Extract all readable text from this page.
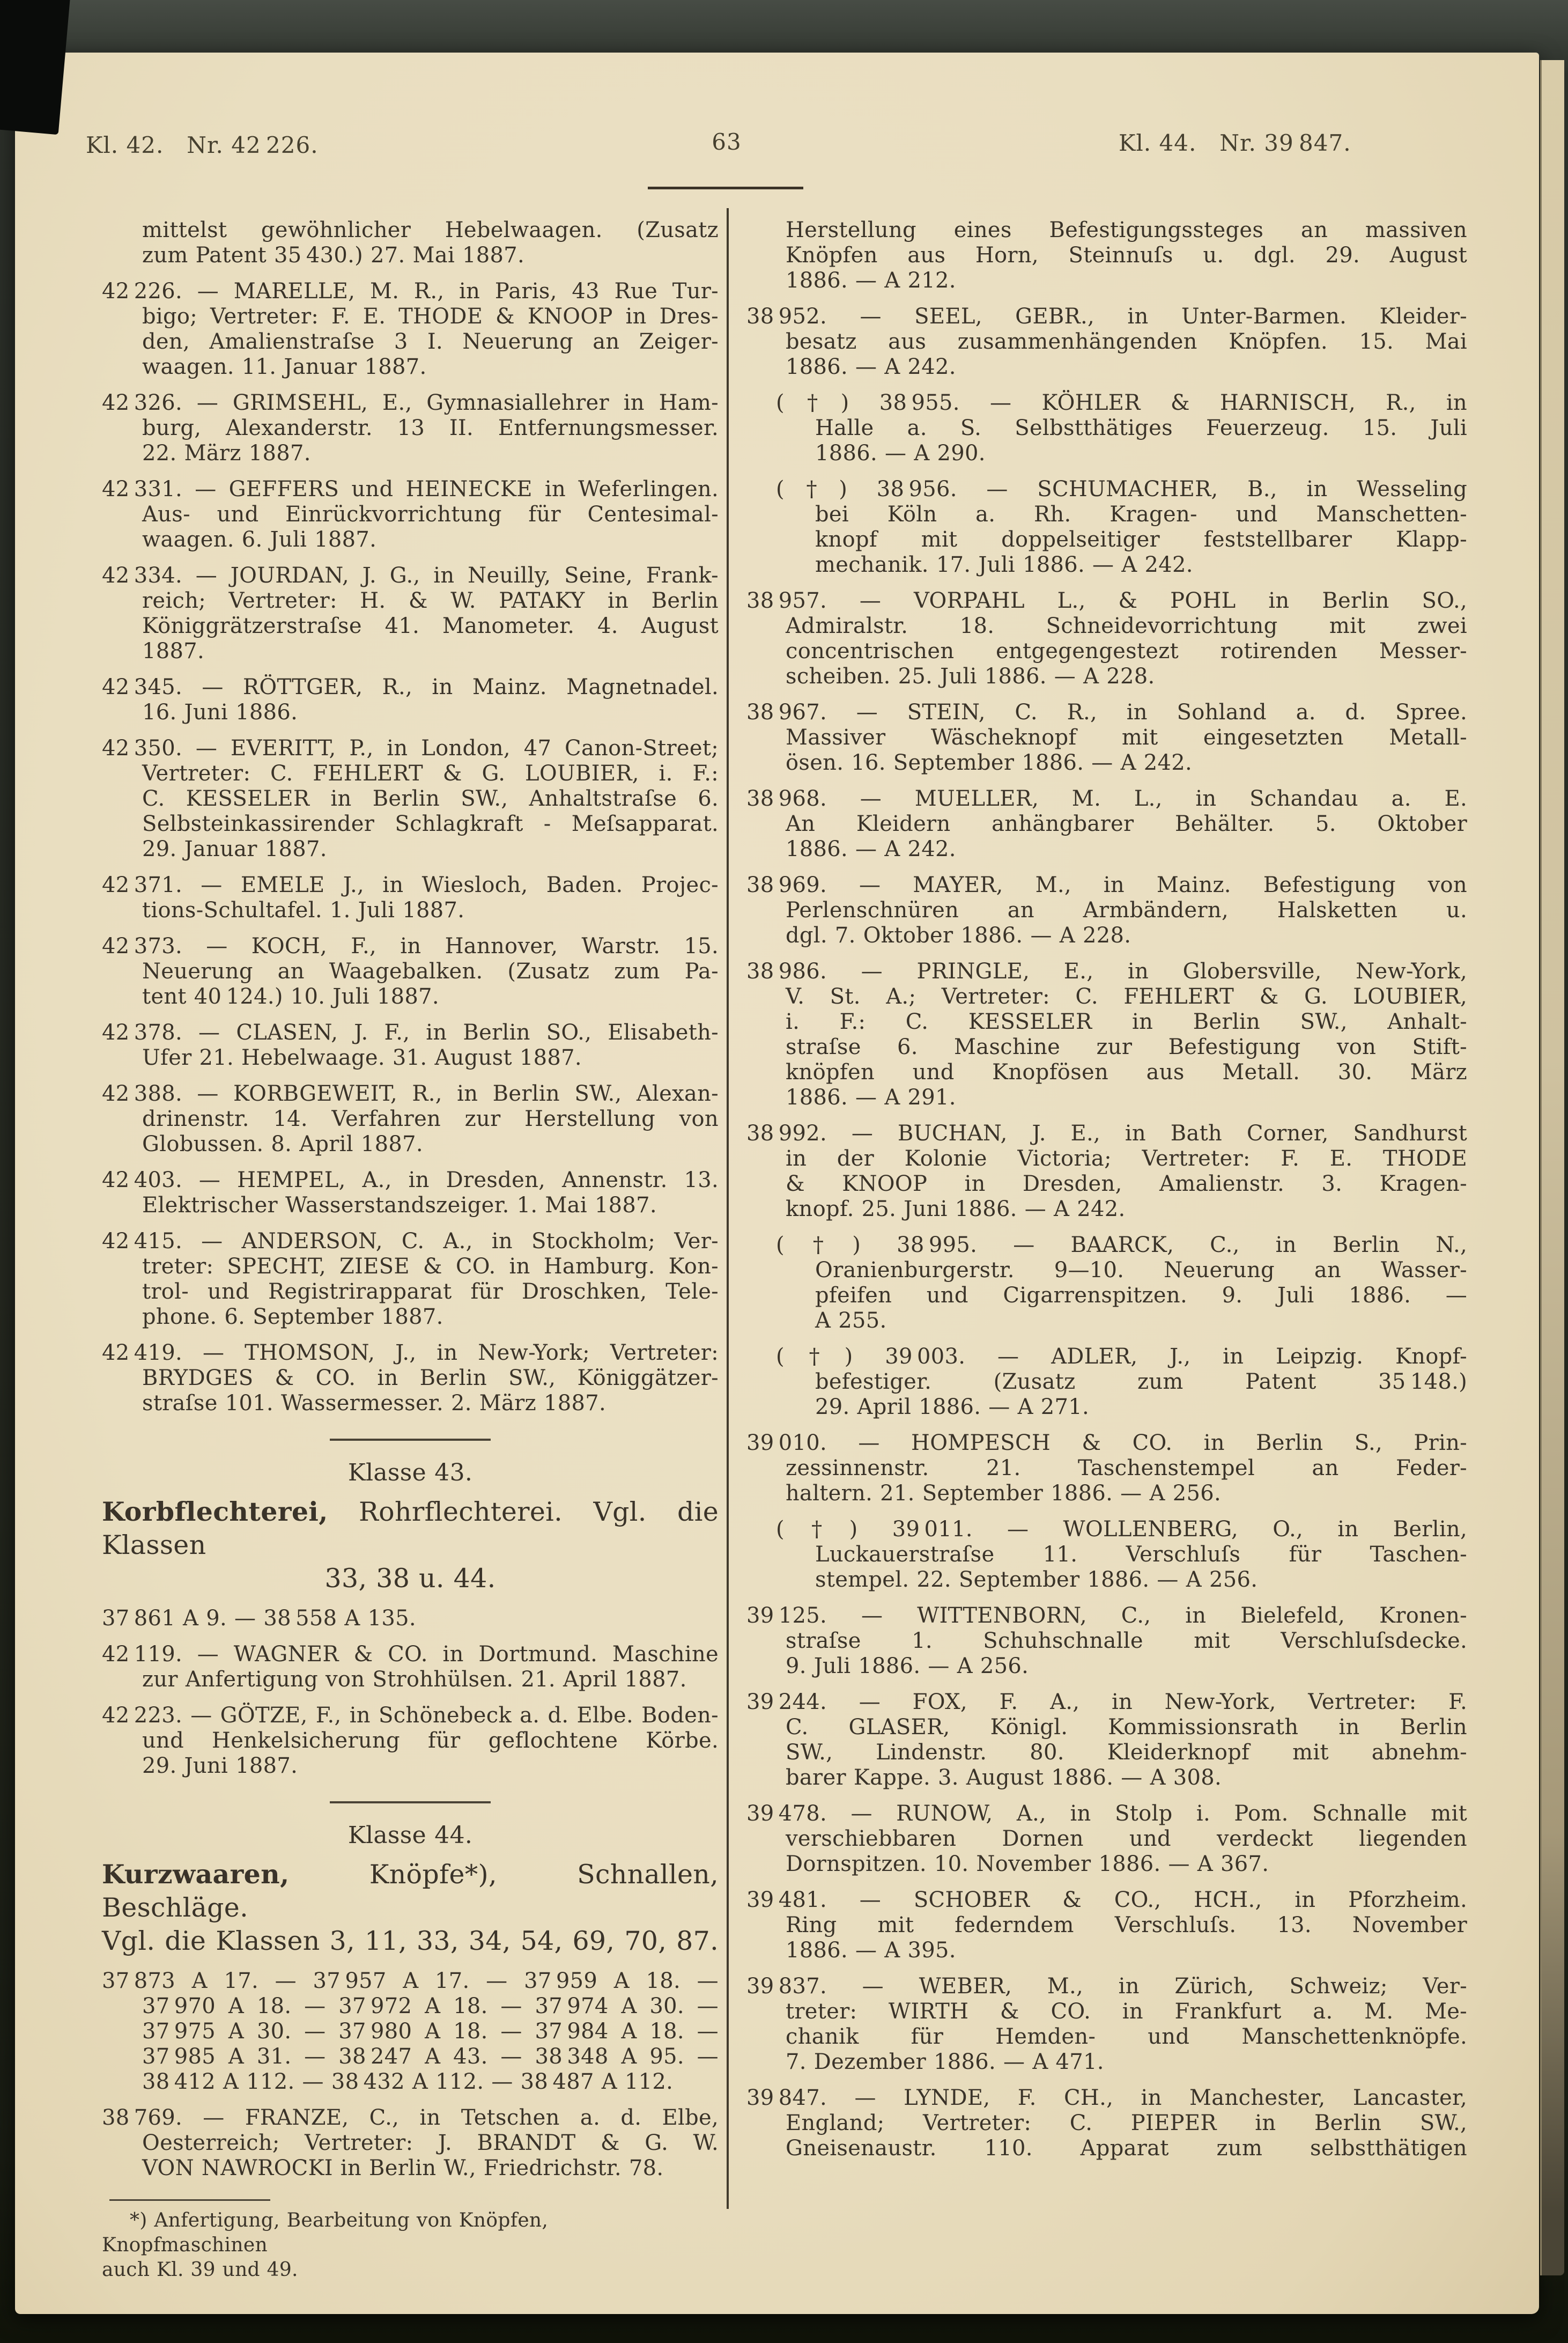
Kl. 42. Nr. 42 226.	63	Kl. 44. Nr. 39 847.
mittelst gewöhnlicher Hebelwaagen. (Zusatz
zum Patent 35 430.) 27. Mai 1887.
42 226. — MARELLE, M. R., in Paris, 43 Rue Tur-
bigo; Vertreter: F. E. THODE & KNOOP in Dres-
den, Amalienstraſse 3 I. Neuerung an Zeiger-
waagen. 11. Januar 1887.
42 326. — GRIMSEHL, E., Gymnasiallehrer in Ham-
burg, Alexanderstr. 13 II. Entfernungsmesser.
22. März 1887.
42 331. — GEFFERS und HEINECKE in Weferlingen.
Aus- und Einrückvorrichtung für Centesimal-
waagen. 6. Juli 1887.
42 334. — JOURDAN, J. G., in Neuilly, Seine, Frank-
reich; Vertreter: H. & W. PATAKY in Berlin
Königgrätzerstraſse 41. Manometer. 4. August
1887.
42 345. — RÖTTGER, R., in Mainz. Magnetnadel.
16. Juni 1886.
42 350. — EVERITT, P., in London, 47 Canon-Street;
Vertreter: C. FEHLERT & G. LOUBIER, i. F.:
C. KESSELER in Berlin SW., Anhaltstraſse 6.
Selbsteinkassirender Schlagkraft - Meſsapparat.
29. Januar 1887.
42 371. — EMELE J., in Wiesloch, Baden. Projec-
tions-Schultafel. 1. Juli 1887.
42 373. — KOCH, F., in Hannover, Warstr. 15.
Neuerung an Waagebalken. (Zusatz zum Pa-
tent 40 124.) 10. Juli 1887.
42 378. — CLASEN, J. F., in Berlin SO., Elisabeth-
Ufer 21. Hebelwaage. 31. August 1887.
42 388. — KORBGEWEIT, R., in Berlin SW., Alexan-
drinenstr. 14. Verfahren zur Herstellung von
Globussen. 8. April 1887.
42 403. — HEMPEL, A., in Dresden, Annenstr. 13.
Elektrischer Wasserstandszeiger. 1. Mai 1887.
42 415. — ANDERSON, C. A., in Stockholm; Ver-
treter: SPECHT, ZIESE & CO. in Hamburg. Kon-
trol- und Registrirapparat für Droschken, Tele-
phone. 6. September 1887.
42 419. — THOMSON, J., in New-York; Vertreter:
BRYDGES & CO. in Berlin SW., Königgätzer-
straſse 101. Wassermesser. 2. März 1887.
Klasse 43.
Korbflechterei, Rohrflechterei. Vgl. die Klassen
33, 38 u. 44.
37 861 A 9. — 38 558 A 135.
42 119. — WAGNER & CO. in Dortmund. Maschine
zur Anfertigung von Strohhülsen. 21. April 1887.
42 223. — GÖTZE, F., in Schönebeck a. d. Elbe. Boden-
und Henkelsicherung für geflochtene Körbe.
29. Juni 1887.
Klasse 44.
Kurzwaaren, Knöpfe*), Schnallen, Beschläge.
Vgl. die Klassen 3, 11, 33, 34, 54, 69, 70, 87.
37 873 A 17. — 37 957 A 17. — 37 959 A 18. —
37 970 A 18. — 37 972 A 18. — 37 974 A 30. —
37 975 A 30. — 37 980 A 18. — 37 984 A 18. —
37 985 A 31. — 38 247 A 43. — 38 348 A 95. —
38 412 A 112. — 38 432 A 112. — 38 487 A 112.
38 769. — FRANZE, C., in Tetschen a. d. Elbe,
Oesterreich; Vertreter: J. BRANDT & G. W.
VON NAWROCKI in Berlin W., Friedrichstr. 78.
*) Anfertigung, Bearbeitung von Knöpfen, Knopfmaschinen
auch Kl. 39 und 49.
Herstellung eines Befestigungssteges an massiven
Knöpfen aus Horn, Steinnuſs u. dgl. 29. August
1886. — A 212.
38 952. — SEEL, GEBR., in Unter-Barmen. Kleider-
besatz aus zusammenhängenden Knöpfen. 15. Mai
1886. — A 242.
(†) 38 955. — KÖHLER & HARNISCH, R., in
Halle a. S. Selbstthätiges Feuerzeug. 15. Juli
1886. — A 290.
(†) 38 956. — SCHUMACHER, B., in Wesseling
bei Köln a. Rh. Kragen- und Manschetten-
knopf mit doppelseitiger feststellbarer Klapp-
mechanik. 17. Juli 1886. — A 242.
38 957. — VORPAHL L., & POHL in Berlin SO.,
Admiralstr. 18. Schneidevorrichtung mit zwei
concentrischen entgegengestezt rotirenden Messer-
scheiben. 25. Juli 1886. — A 228.
38 967. — STEIN, C. R., in Sohland a. d. Spree.
Massiver Wäscheknopf mit eingesetzten Metall-
ösen. 16. September 1886. — A 242.
38 968. — MUELLER, M. L., in Schandau a. E.
An Kleidern anhängbarer Behälter. 5. Oktober
1886. — A 242.
38 969. — MAYER, M., in Mainz. Befestigung von
Perlenschnüren an Armbändern, Halsketten u.
dgl. 7. Oktober 1886. — A 228.
38 986. — PRINGLE, E., in Globersville, New-York,
V. St. A.; Vertreter: C. FEHLERT & G. LOUBIER,
i. F.: C. KESSELER in Berlin SW., Anhalt-
straſse 6. Maschine zur Befestigung von Stift-
knöpfen und Knopfösen aus Metall. 30. März
1886. — A 291.
38 992. — BUCHAN, J. E., in Bath Corner, Sandhurst
in der Kolonie Victoria; Vertreter: F. E. THODE
& KNOOP in Dresden, Amalienstr. 3. Kragen-
knopf. 25. Juni 1886. — A 242.
(†) 38 995. — BAARCK, C., in Berlin N.,
Oranienburgerstr. 9—10. Neuerung an Wasser-
pfeifen und Cigarrenspitzen. 9. Juli 1886. —
A 255.
(†) 39 003. — ADLER, J., in Leipzig. Knopf-
befestiger. (Zusatz zum Patent 35 148.)
29. April 1886. — A 271.
39 010. — HOMPESCH & CO. in Berlin S., Prin-
zessinnenstr. 21. Taschenstempel an Feder-
haltern. 21. September 1886. — A 256.
(†) 39 011. — WOLLENBERG, O., in Berlin,
Luckauerstraſse 11. Verschluſs für Taschen-
stempel. 22. September 1886. — A 256.
39 125. — WITTENBORN, C., in Bielefeld, Kronen-
straſse 1. Schuhschnalle mit Verschluſsdecke.
9. Juli 1886. — A 256.
39 244. — FOX, F. A., in New-York, Vertreter: F.
C. GLASER, Königl. Kommissionsrath in Berlin
SW., Lindenstr. 80. Kleiderknopf mit abnehm-
barer Kappe. 3. August 1886. — A 308.
39 478. — RUNOW, A., in Stolp i. Pom. Schnalle mit
verschiebbaren Dornen und verdeckt liegenden
Dornspitzen. 10. November 1886. — A 367.
39 481. — SCHOBER & CO., HCH., in Pforzheim.
Ring mit federndem Verschluſs. 13. November
1886. — A 395.
39 837. — WEBER, M., in Zürich, Schweiz; Ver-
treter: WIRTH & CO. in Frankfurt a. M. Me-
chanik für Hemden- und Manschettenknöpfe.
7. Dezember 1886. — A 471.
39 847. — LYNDE, F. CH., in Manchester, Lancaster,
England; Vertreter: C. PIEPER in Berlin SW.,
Gneisenaustr. 110. Apparat zum selbstthätigen
